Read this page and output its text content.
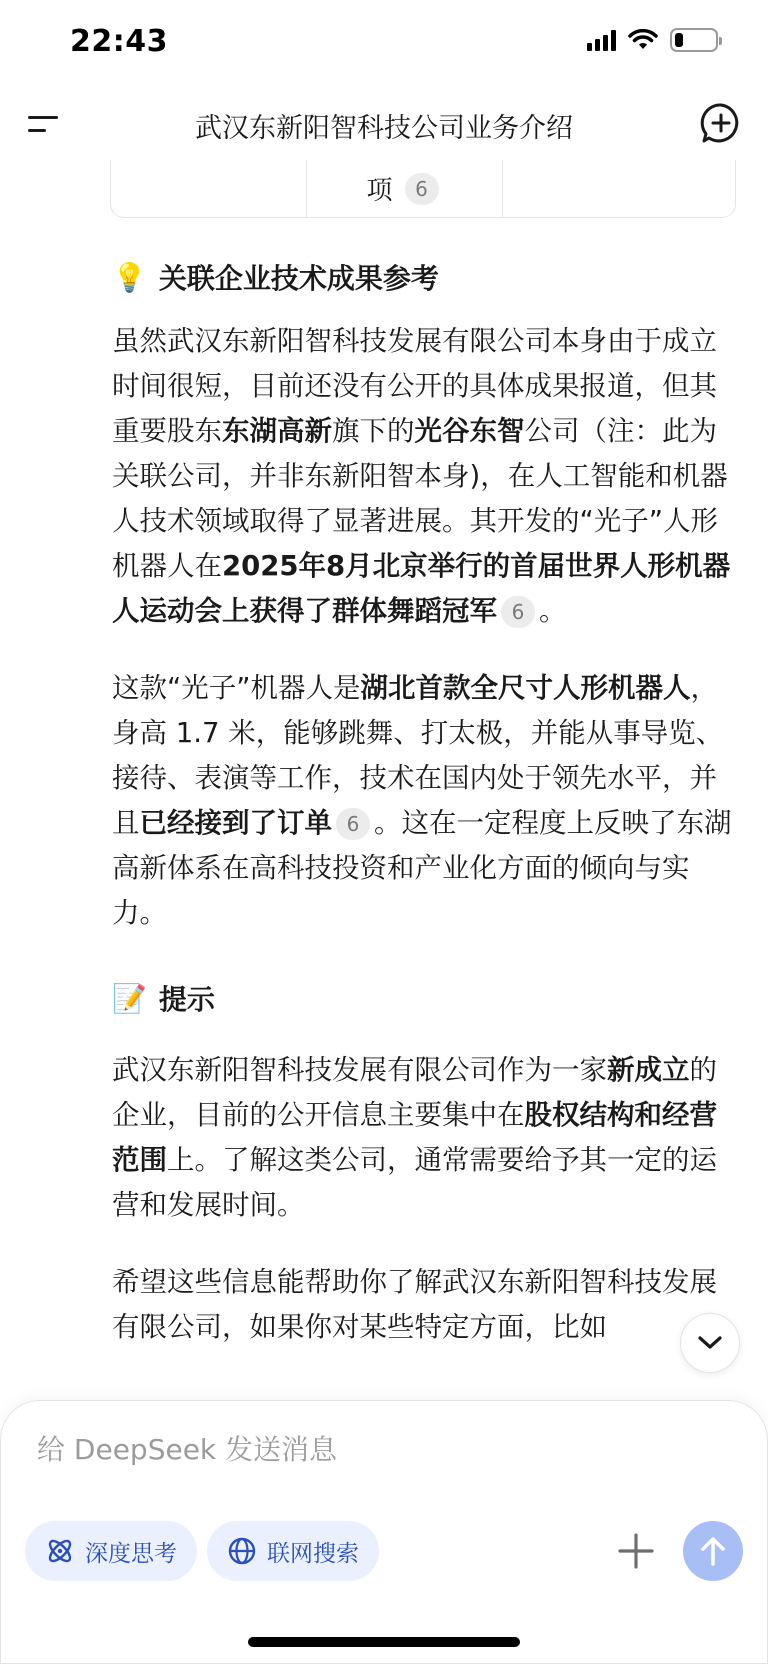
22:43
武汉东新阳智科技公司业务介绍
项	6
💡 关联企业技术成果参考

虽然武汉东新阳智科技发展有限公司本身由于成立时间很短，目前还没有公开的具体成果报道，但其重要股东东湖高新旗下的光谷东智公司（注：此为关联公司，并非东新阳智本身)，在人工智能和机器人技术领域取得了显著进展。其开发的“光子”人形机器人在2025年8月北京举行的首届世界人形机器人运动会上获得了群体舞蹈冠军 6 。

这款“光子”机器人是湖北首款全尺寸人形机器人，身高 1.7 米，能够跳舞、打太极，并能从事导览、接待、表演等工作，技术在国内处于领先水平，并且已经接到了订单 6 。这在一定程度上反映了东湖高新体系在高科技投资和产业化方面的倾向与实力。

📝 提示

武汉东新阳智科技发展有限公司作为一家新成立的企业，目前的公开信息主要集中在股权结构和经营范围上。了解这类公司，通常需要给予其一定的运营和发展时间。

希望这些信息能帮助你了解武汉东新阳智科技发展有限公司，如果你对某些特定方面，比如

给 DeepSeek 发送消息
深度思考	联网搜索
